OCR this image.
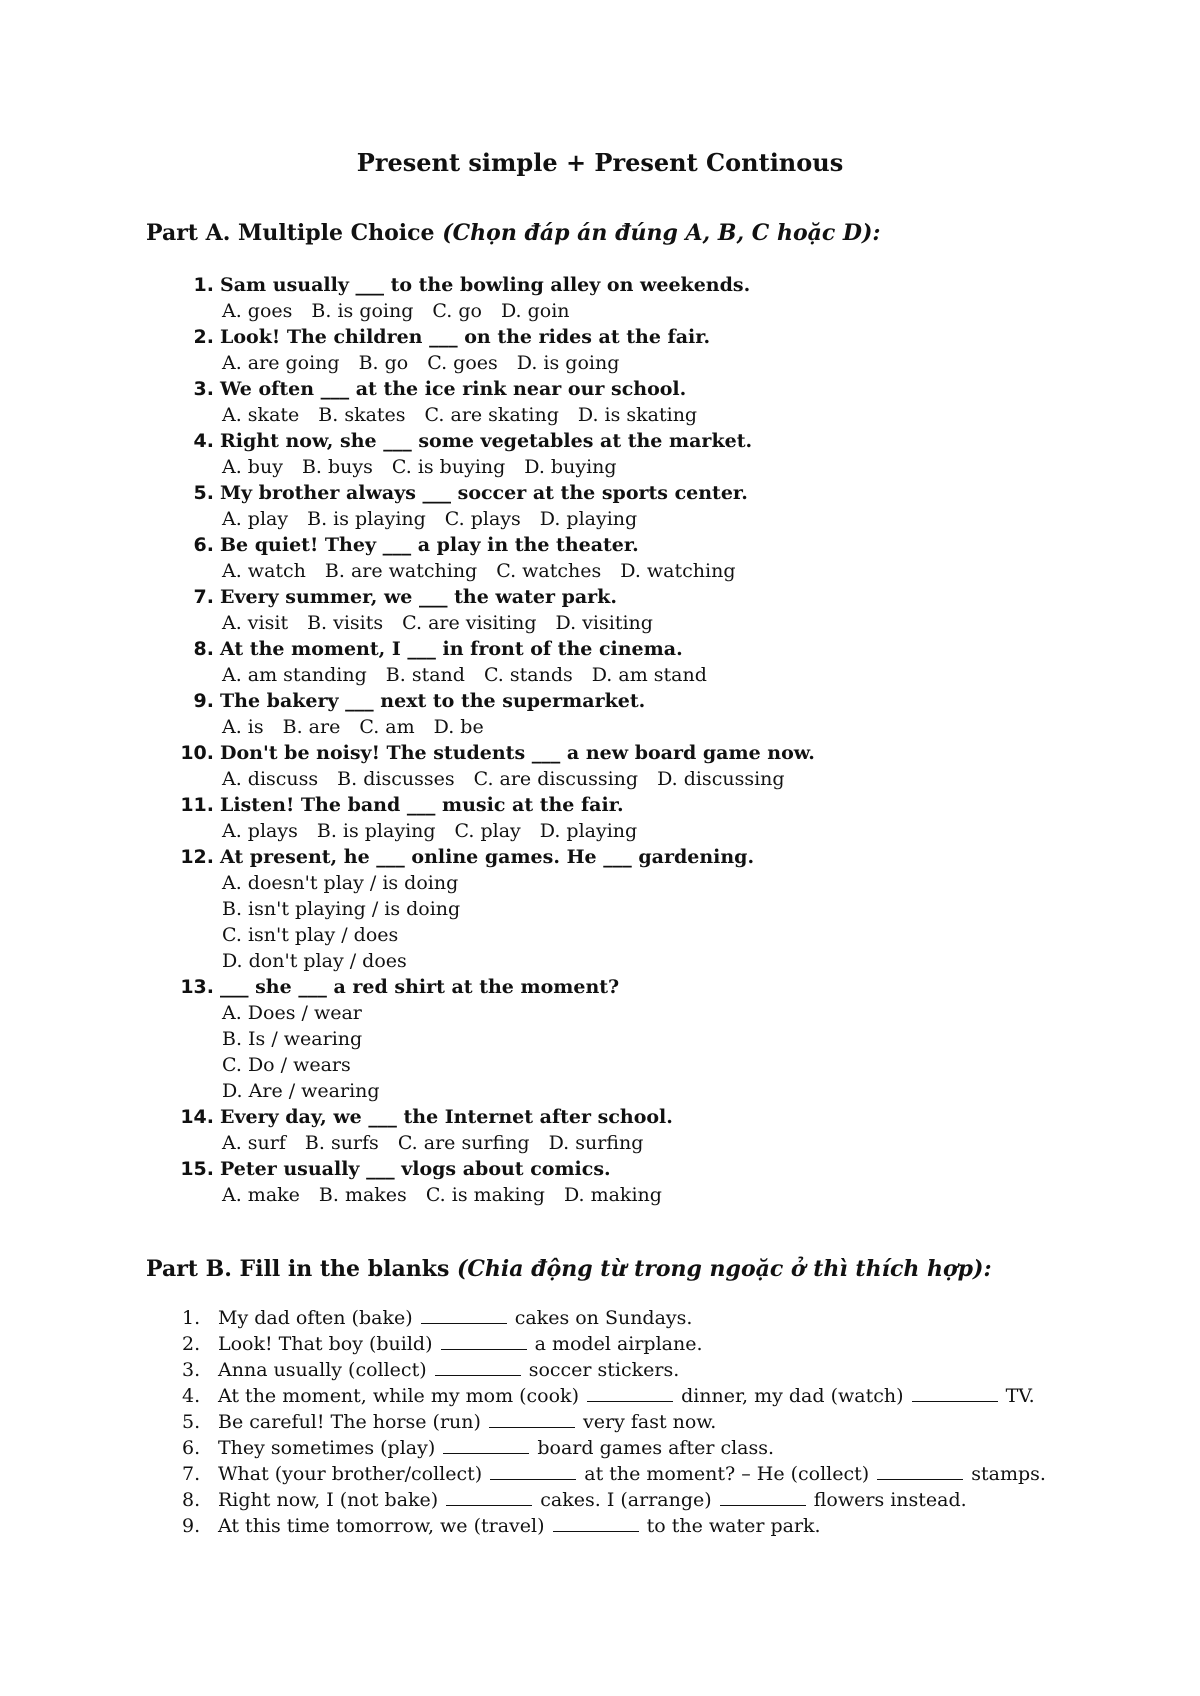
Present simple + Present Continous
Part A. Multiple Choice (Chọn đáp án đúng A, B, C hoặc D):
1. Sam usually ___ to the bowling alley on weekends.
A. goes B. is going C. go D. goin
2. Look! The children ___ on the rides at the fair.
A. are going B. go C. goes D. is going
3. We often ___ at the ice rink near our school.
A. skate B. skates C. are skating D. is skating
4. Right now, she ___ some vegetables at the market.
A. buy B. buys C. is buying D. buying
5. My brother always ___ soccer at the sports center.
A. play B. is playing C. plays D. playing
6. Be quiet! They ___ a play in the theater.
A. watch B. are watching C. watches D. watching
7. Every summer, we ___ the water park.
A. visit B. visits C. are visiting D. visiting
8. At the moment, I ___ in front of the cinema.
A. am standing B. stand C. stands D. am stand
9. The bakery ___ next to the supermarket.
A. is B. are C. am D. be
10. Don't be noisy! The students ___ a new board game now.
A. discuss B. discusses C. are discussing D. discussing
11. Listen! The band ___ music at the fair.
A. plays B. is playing C. play D. playing
12. At present, he ___ online games. He ___ gardening.
A. doesn't play / is doing
B. isn't playing / is doing
C. isn't play / does
D. don't play / does
13. ___ she ___ a red shirt at the moment?
A. Does / wear
B. Is / wearing
C. Do / wears
D. Are / wearing
14. Every day, we ___ the Internet after school.
A. surf B. surfs C. are surfing D. surfing
15. Peter usually ___ vlogs about comics.
A. make B. makes C. is making D. making
Part B. Fill in the blanks (Chia động từ trong ngoặc ở thì thích hợp):
1. My dad often (bake)	cakes on Sundays.
2. Look! That boy (build)	a model airplane.
3. Anna usually (collect)	soccer stickers.
4. At the moment, while my mom (cook)	dinner, my dad (watch)	TV.
5. Be careful! The horse (run)	very fast now.
6. They sometimes (play)	board games after class.
7. What (your brother/collect)	at the moment? – He (collect)	stamps.
8. Right now, I (not bake)	cakes. I (arrange)	flowers instead.
9. At this time tomorrow, we (travel)	to the water park.
